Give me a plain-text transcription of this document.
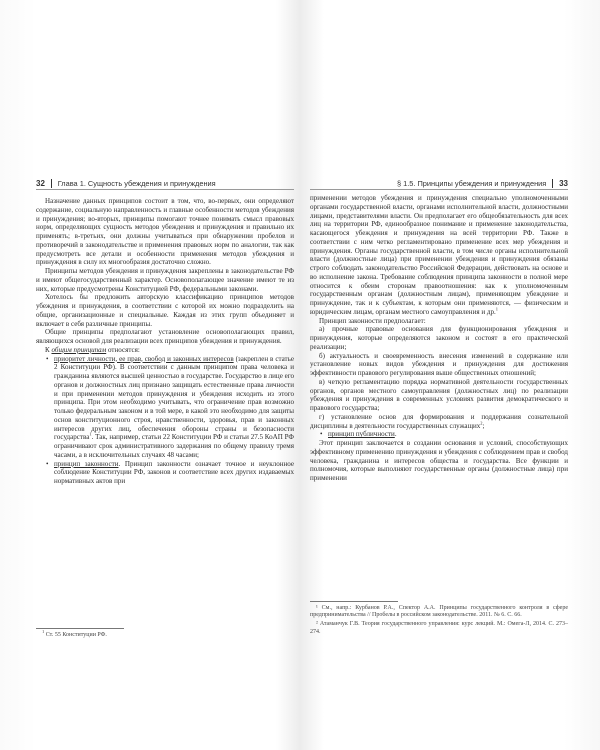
32 Глава 1. Сущность убеждения и принуждения

Назначение данных принципов состоит в том, что, во-первых, они определяют содержание, социальную направленность и главные особенности методов убеждения и принуждения; во-вторых, принципы помогают точнее понимать смысл правовых норм, определяющих сущность методов убеждения и принуждения и правильно их применять; в-третьих, они должны учитываться при обнаружении пробелов и противоречий в законодательстве и применения правовых норм по аналогии, так как предусмотреть все детали и особенности применения методов убеждения и принуждения в силу их многообразия достаточно сложно.

Принципы методов убеждения и принуждения закреплены в законодательстве РФ и имеют общегосударственный характер. Основополагающее значение имеют те из них, которые предусмотрены Конституцией РФ, федеральными законами.

Хотелось бы предложить авторскую классификацию принципов методов убеждения и принуждения, в соответствии с которой их можно подразделить на общие, организационные и специальные. Каждая из этих групп объединяет и включает в себя различные принципы.

Общие принципы предполагают установление основополагающих правил, являющихся основой для реализации всех принципов убеждения и принуждения.

К общим принципам относятся:

• приоритет личности, ее прав, свобод и законных интересов (закреплен в статье 2 Конституции РФ). В соответствии с данным принципом права человека и гражданина являются высшей ценностью в государстве. Государство в лице его органов и должностных лиц признано защищать естественные права личности и при применении методов принуждения и убеждения исходить из этого принципа. При этом необходимо учитывать, что ограничение прав возможно только федеральным законом и в той мере, в какой это необходимо для защиты основ конституционного строя, нравственности, здоровья, прав и законных интересов других лиц, обеспечения обороны страны и безопасности государства$^1$. Так, например, статьи 22 Конституции РФ и статьи 27.5 КоАП РФ ограничивают срок административного задержания по общему правилу тремя часами, а в исключительных случаях 48 часами;

• принцип законности. Принцип законности означает точное и неуклонное соблюдение Конституции РФ, законов и соответствие всех других издаваемых нормативных актов при

$^1$ Ст. 55 Конституции РФ.

§ 1.5. Принципы убеждения и принуждения 33

применении методов убеждения и принуждения специально уполномоченными органами государственной власти, органами исполнительной власти, должностными лицами, представителями власти. Он предполагает его общеобязательность для всех лиц на территории РФ, единообразное понимание и применение законодательства, касающегося убеждения и принуждения на всей территории РФ. Также в соответствии с ним четко регламентировано применение всех мер убеждения и принуждения. Органы государственной власти, в том числе органы исполнительной власти (должностные лица) при применении убеждения и принуждения обязаны строго соблюдать законодательство Российской Федерации, действовать на основе и во исполнение закона. Требование соблюдения принципа законности в полной мере относится к обеим сторонам правоотношения: как к уполномоченным государственным органам (должностным лицам), применяющим убеждение и принуждение, так и к субъектам, к которым они применяются, — физическим и юридическим лицам, органам местного самоуправления и др.$^1$

Принцип законности предполагает:

а) прочные правовые основания для функционирования убеждения и принуждения, которые определяются законом и состоят в его практической реализации;

б) актуальность и своевременность внесения изменений в содержание или установление новых видов убеждения и принуждения для достижения эффективности правового регулирования выше общественных отношений;

в) четкую регламентацию порядка нормативной деятельности государственных органов, органов местного самоуправления (должностных лиц) по реализации убеждения и принуждения в современных условиях развития демократического и правового государства;

г) установление основ для формирования и поддержания сознательной дисциплины в деятельности государственных служащих$^2$;

• принцип публичности.

Этот принцип заключается в создании основания и условий, способствующих эффективному применению принуждения и убеждения с соблюдением прав и свобод человека, гражданина и интересов общества и государства. Все функции и полномочия, которые выполняют государственные органы (должностные лица) при применении

¹ См., напр.: Курбанов Р.А., Спектор А.А. Принципы государственного контроля в сфере предпринимательства // Пробелы в российском законодательстве. 2011. № 6. С. 66.

² Атаманчук Г.В. Теория государственного управления: курс лекций. М.: Омега-Л, 2014. С. 273–274.
